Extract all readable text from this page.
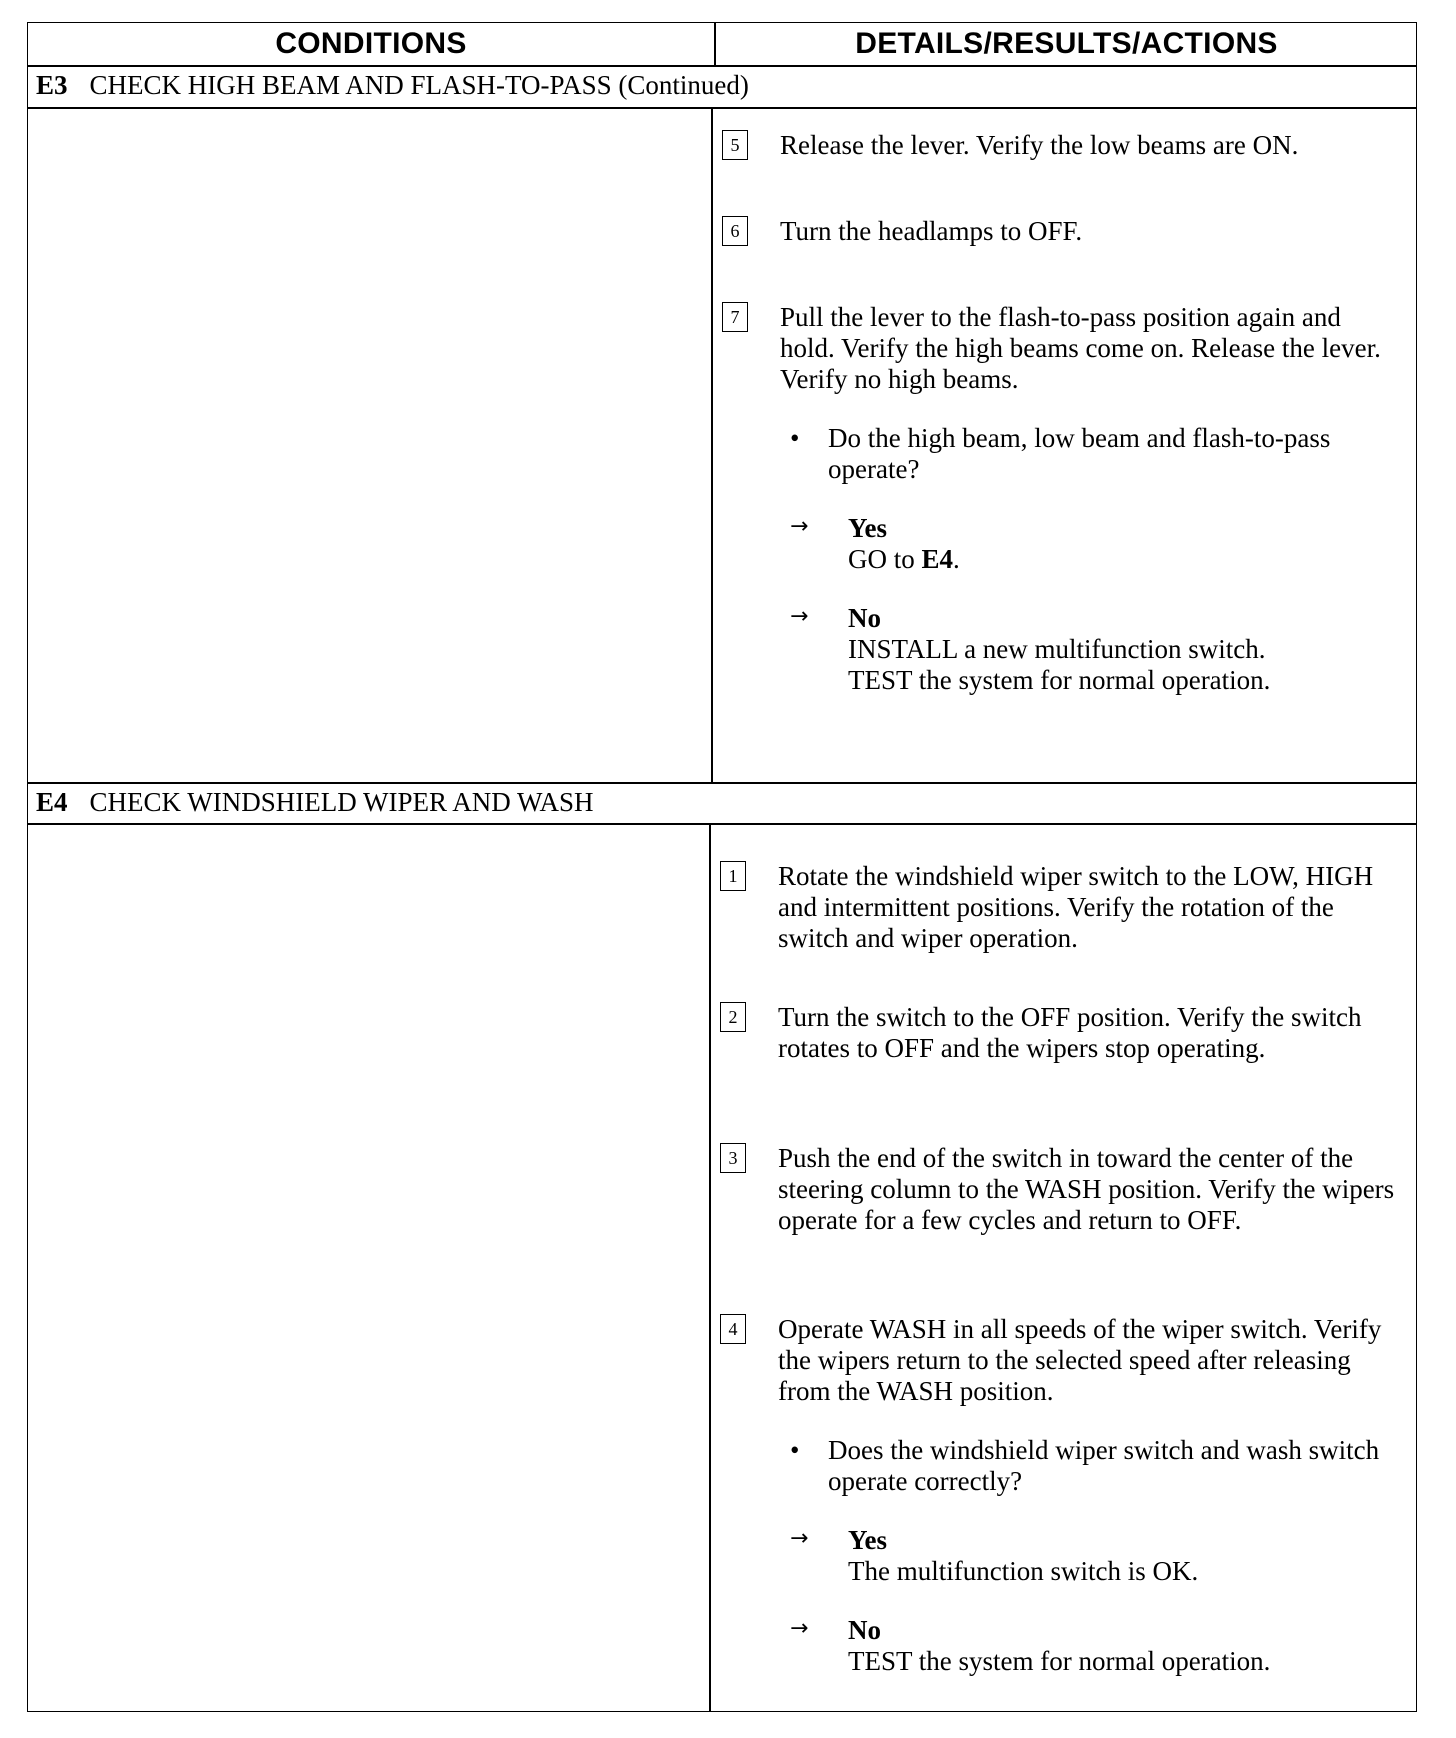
CONDITIONS	DETAILS/RESULTS/ACTIONS
E3 CHECK HIGH BEAM AND FLASH-TO-PASS (Continued)
5	Release the lever. Verify the low beams are ON.
6	Turn the headlamps to OFF.
7	Pull the lever to the flash-to-pass position again and hold. Verify the high beams come on. Release the lever. Verify no high beams.
• Do the high beam, low beam and flash-to-pass operate?
→ Yes
GO to E4.
→ No
INSTALL a new multifunction switch.
TEST the system for normal operation.
E4 CHECK WINDSHIELD WIPER AND WASH
1	Rotate the windshield wiper switch to the LOW, HIGH and intermittent positions. Verify the rotation of the switch and wiper operation.
2	Turn the switch to the OFF position. Verify the switch rotates to OFF and the wipers stop operating.
3	Push the end of the switch in toward the center of the steering column to the WASH position. Verify the wipers operate for a few cycles and return to OFF.
4	Operate WASH in all speeds of the wiper switch. Verify the wipers return to the selected speed after releasing from the WASH position.
• Does the windshield wiper switch and wash switch operate correctly?
→ Yes
The multifunction switch is OK.
→ No
TEST the system for normal operation.
